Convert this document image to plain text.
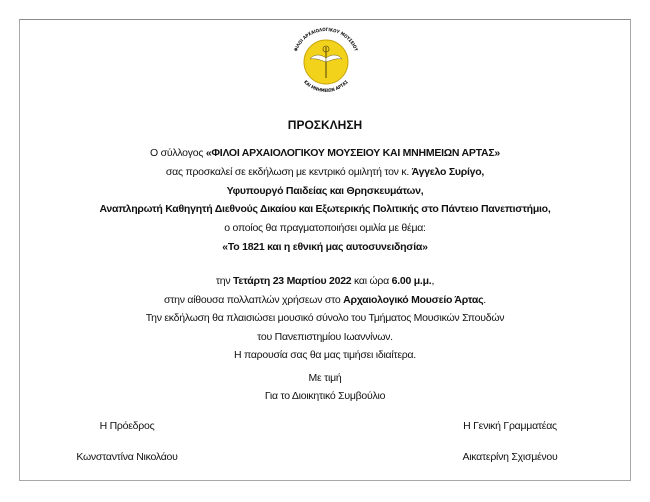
ΦΙΛΟΙ ΑΡΧΑΙΟΛΟΓΙΚΟΥ ΜΟΥΣΕΙΟΥ
ΚΑΙ ΜΝΗΜΕΙΩΝ ΑΡΤΑΣ
ΠΡΟΣΚΛΗΣΗ
Ο σύλλογος «ΦΙΛΟΙ ΑΡΧΑΙΟΛΟΓΙΚΟΥ ΜΟΥΣΕΙΟΥ ΚΑΙ ΜΝΗΜΕΙΩΝ ΑΡΤΑΣ»
σας προσκαλεί σε εκδήλωση με κεντρικό ομιλητή τον κ. Άγγελο Συρίγο,
Υφυπουργό Παιδείας και Θρησκευμάτων,
Αναπληρωτή Καθηγητή Διεθνούς Δικαίου και Εξωτερικής Πολιτικής στο Πάντειο Πανεπιστήμιο,
ο οποίος θα πραγματοποιήσει ομιλία με θέμα:
«Το 1821 και η εθνική μας αυτοσυνειδησία»
την Τετάρτη 23 Μαρτίου 2022 και ώρα 6.00 μ.μ. ,
στην αίθουσα πολλαπλών χρήσεων στο Αρχαιολογικό Μουσείο Άρτας .
Την εκδήλωση θα πλαισιώσει μουσικό σύνολο του Τμήματος Μουσικών Σπουδών
του Πανεπιστημίου Ιωαννίνων.
Η παρουσία σας θα μας τιμήσει ιδιαίτερα.
Με τιμή
Για το Διοικητικό Συμβούλιο
Η Πρόεδρος
Κωνσταντίνα Νικολάου
Η Γενική Γραμματέας
Αικατερίνη Σχισμένου
